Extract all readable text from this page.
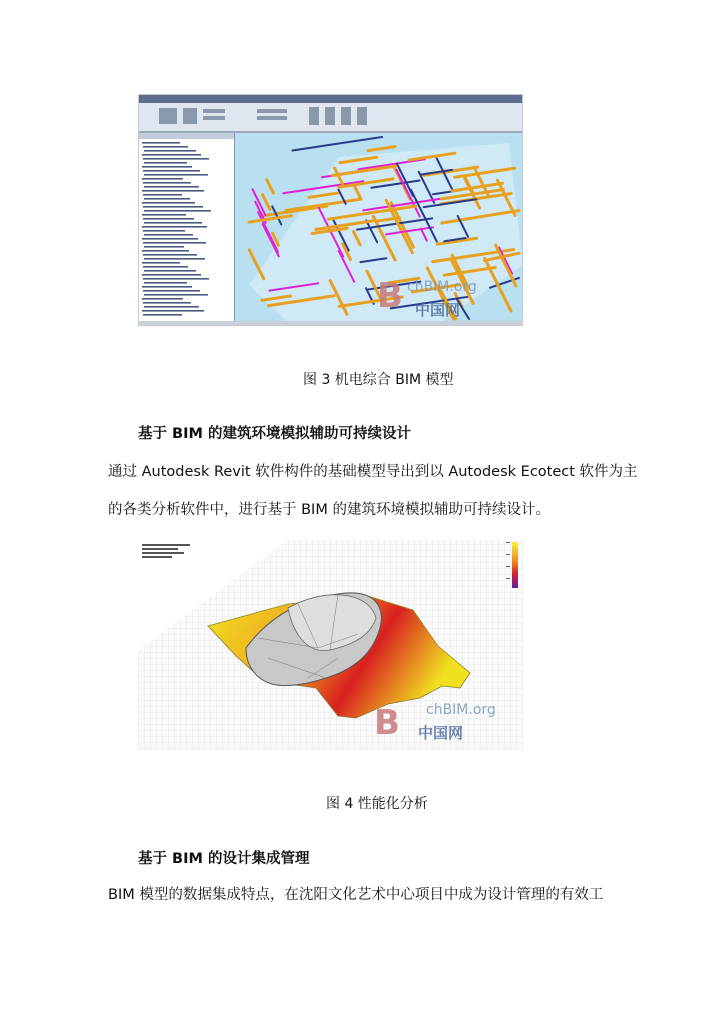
B chBIM.org
中国网
图 3 机电综合 BIM 模型
基于 BIM 的建筑环境模拟辅助可持续设计
通过 Autodesk Revit 软件构件的基础模型导出到以 Autodesk Ecotect 软件为主
的各类分析软件中，进行基于 BIM 的建筑环境模拟辅助可持续设计。
B chBIM.org
中国网
图 4 性能化分析
基于 BIM 的设计集成管理
BIM 模型的数据集成特点，在沈阳文化艺术中心项目中成为设计管理的有效工
